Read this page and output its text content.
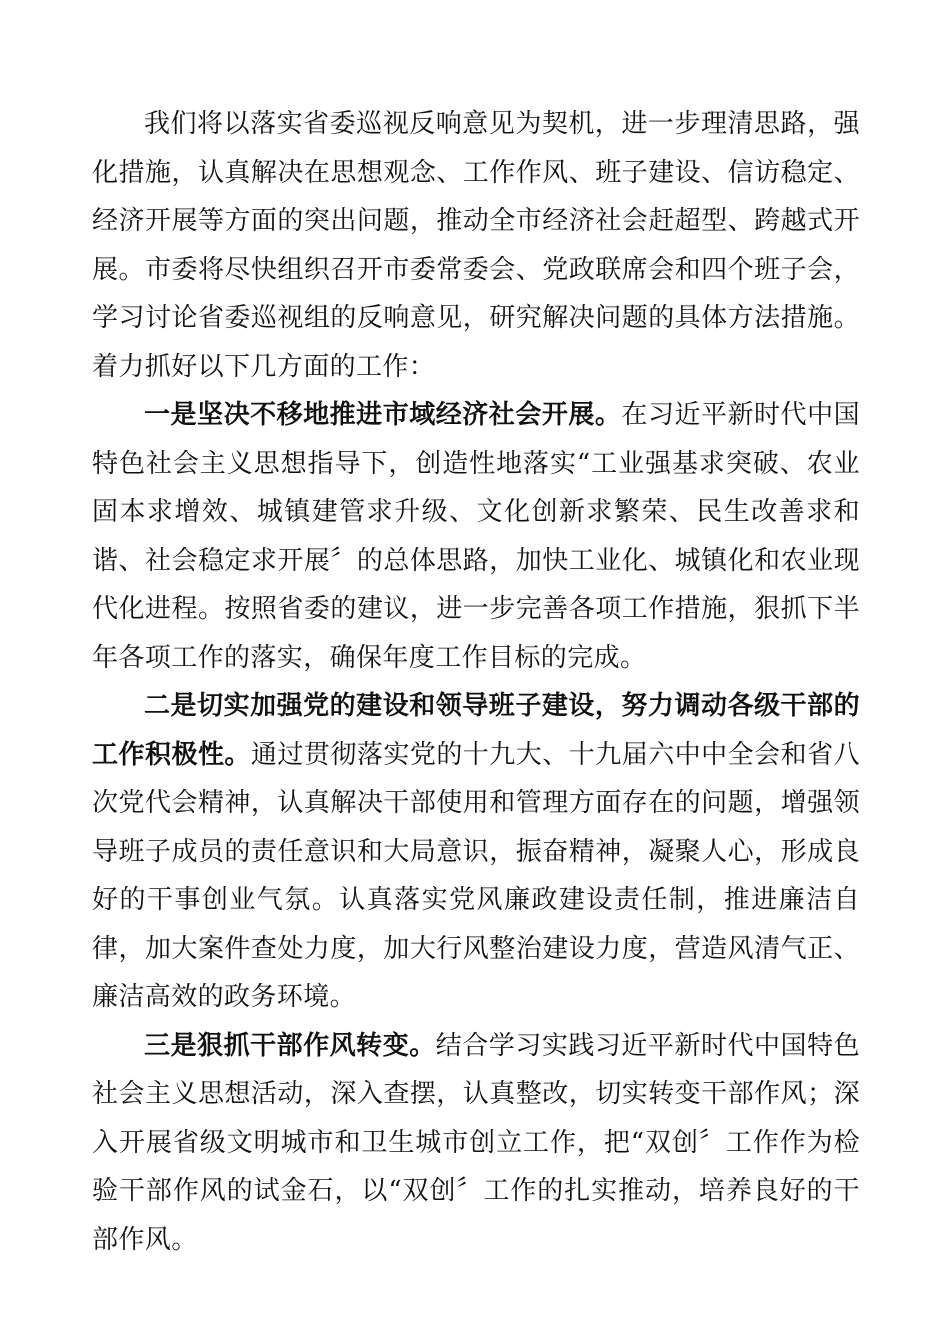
我们将以落实省委巡视反响意见为契机，进一步理清思路，强化措施，认真解决在思想观念、工作作风、班子建设、信访稳定、经济开展等方面的突出问题，推动全市经济社会赶超型、跨越式开展。市委将尽快组织召开市委常委会、党政联席会和四个班子会，学习讨论省委巡视组的反响意见，研究解决问题的具体方法措施。着力抓好以下几方面的工作：

一是坚决不移地推进市域经济社会开展。在习近平新时代中国特色社会主义思想指导下，创造性地落实“工业强基求突破、农业固本求增效、城镇建管求升级、文化创新求繁荣、民生改善求和谐、社会稳定求开展〞的总体思路，加快工业化、城镇化和农业现代化进程。按照省委的建议，进一步完善各项工作措施，狠抓下半年各项工作的落实，确保年度工作目标的完成。

二是切实加强党的建设和领导班子建设，努力调动各级干部的工作积极性。通过贯彻落实党的十九大、十九届六中中全会和省八次党代会精神，认真解决干部使用和管理方面存在的问题，增强领导班子成员的责任意识和大局意识，振奋精神，凝聚人心，形成良好的干事创业气氛。认真落实党风廉政建设责任制，推进廉洁自律，加大案件查处力度，加大行风整治建设力度，营造风清气正、廉洁高效的政务环境。

三是狠抓干部作风转变。结合学习实践习近平新时代中国特色社会主义思想活动，深入查摆，认真整改，切实转变干部作风；深入开展省级文明城市和卫生城市创立工作，把“双创〞工作作为检验干部作风的试金石，以“双创〞工作的扎实推动，培养良好的干部作风。
